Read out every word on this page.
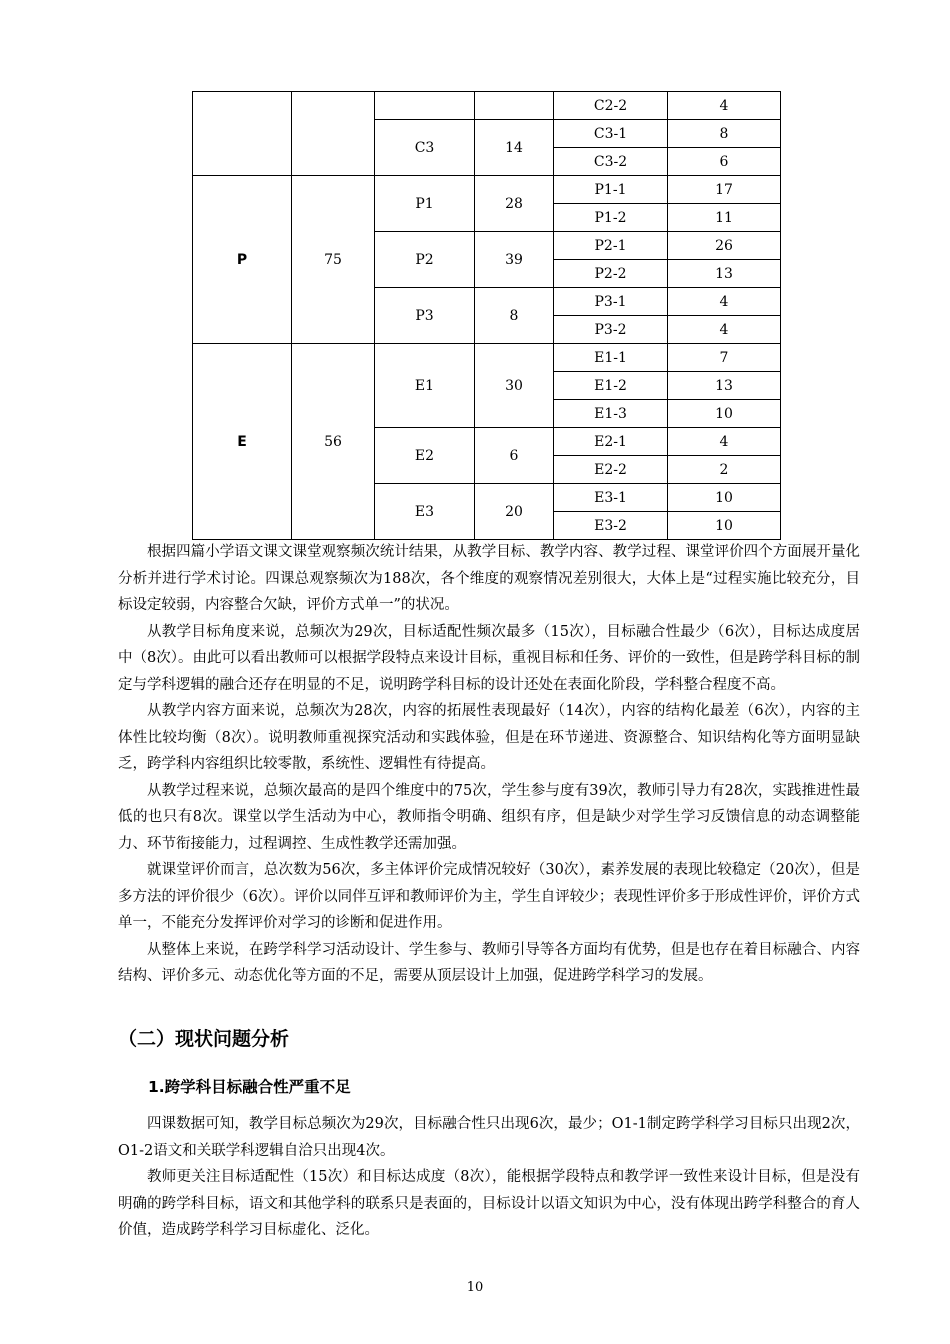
				C2-2	4
		C3	14	C3-1	8
				C3-2	6
P	75	P1	28	P1-1	17
				P1-2	11
		P2	39	P2-1	26
				P2-2	13
		P3	8	P3-1	4
				P3-2	4
E	56	E1	30	E1-1	7
				E1-2	13
				E1-3	10
		E2	6	E2-1	4
				E2-2	2
		E3	20	E3-1	10
				E3-2	10

根据四篇小学语文课文课堂观察频次统计结果，从教学目标、教学内容、教学过程、课堂评价四个方面展开量化分析并进行学术讨论。四课总观察频次为188次，各个维度的观察情况差别很大，大体上是“过程实施比较充分，目标设定较弱，内容整合欠缺，评价方式单一”的状况。

从教学目标角度来说，总频次为29次，目标适配性频次最多（15次），目标融合性最少（6次），目标达成度居中（8次）。由此可以看出教师可以根据学段特点来设计目标，重视目标和任务、评价的一致性，但是跨学科目标的制定与学科逻辑的融合还存在明显的不足，说明跨学科目标的设计还处在表面化阶段，学科整合程度不高。

从教学内容方面来说，总频次为28次，内容的拓展性表现最好（14次），内容的结构化最差（6次），内容的主体性比较均衡（8次）。说明教师重视探究活动和实践体验，但是在环节递进、资源整合、知识结构化等方面明显缺乏，跨学科内容组织比较零散，系统性、逻辑性有待提高。

从教学过程来说，总频次最高的是四个维度中的75次，学生参与度有39次，教师引导力有28次，实践推进性最低的也只有8次。课堂以学生活动为中心，教师指令明确、组织有序，但是缺少对学生学习反馈信息的动态调整能力、环节衔接能力，过程调控、生成性教学还需加强。

就课堂评价而言，总次数为56次，多主体评价完成情况较好（30次），素养发展的表现比较稳定（20次），但是多方法的评价很少（6次）。评价以同伴互评和教师评价为主，学生自评较少；表现性评价多于形成性评价，评价方式单一，不能充分发挥评价对学习的诊断和促进作用。

从整体上来说，在跨学科学习活动设计、学生参与、教师引导等各方面均有优势，但是也存在着目标融合、内容结构、评价多元、动态优化等方面的不足，需要从顶层设计上加强，促进跨学科学习的发展。

（二）现状问题分析
1.跨学科目标融合性严重不足

四课数据可知，教学目标总频次为29次，目标融合性只出现6次，最少；O1-1制定跨学科学习目标只出现2次，O1-2语文和关联学科逻辑自洽只出现4次。

教师更关注目标适配性（15次）和目标达成度（8次），能根据学段特点和教学评一致性来设计目标，但是没有明确的跨学科目标，语文和其他学科的联系只是表面的，目标设计以语文知识为中心，没有体现出跨学科整合的育人价值，造成跨学科学习目标虚化、泛化。

10
